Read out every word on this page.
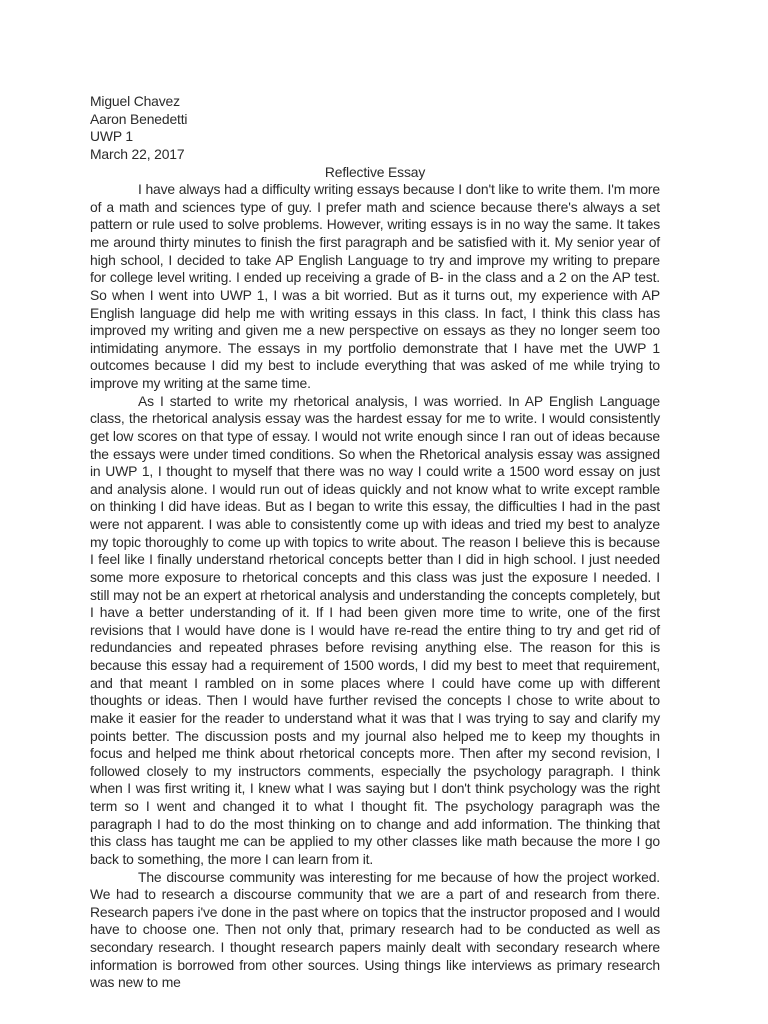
Miguel Chavez
Aaron Benedetti
UWP 1
March 22, 2017
Reflective Essay

I have always had a difficulty writing essays because I don't like to write them. I'm more of a math and sciences type of guy. I prefer math and science because there's always a set pattern or rule used to solve problems. However, writing essays is in no way the same. It takes me around thirty minutes to finish the first paragraph and be satisfied with it. My senior year of high school, I decided to take AP English Language to try and improve my writing to prepare for college level writing. I ended up receiving a grade of B- in the class and a 2 on the AP test. So when I went into UWP 1, I was a bit worried. But as it turns out, my experience with AP English language did help me with writing essays in this class. In fact, I think this class has improved my writing and given me a new perspective on essays as they no longer seem too intimidating anymore. The essays in my portfolio demonstrate that I have met the UWP 1 outcomes because I did my best to include everything that was asked of me while trying to improve my writing at the same time.

As I started to write my rhetorical analysis, I was worried. In AP English Language class, the rhetorical analysis essay was the hardest essay for me to write. I would consistently get low scores on that type of essay. I would not write enough since I ran out of ideas because the essays were under timed conditions. So when the Rhetorical analysis essay was assigned in UWP 1, I thought to myself that there was no way I could write a 1500 word essay on just and analysis alone. I would run out of ideas quickly and not know what to write except ramble on thinking I did have ideas. But as I began to write this essay, the difficulties I had in the past were not apparent. I was able to consistently come up with ideas and tried my best to analyze my topic thoroughly to come up with topics to write about. The reason I believe this is because I feel like I finally understand rhetorical concepts better than I did in high school. I just needed some more exposure to rhetorical concepts and this class was just the exposure I needed. I still may not be an expert at rhetorical analysis and understanding the concepts completely, but I have a better understanding of it. If I had been given more time to write, one of the first revisions that I would have done is I would have re-read the entire thing to try and get rid of redundancies and repeated phrases before revising anything else. The reason for this is because this essay had a requirement of 1500 words, I did my best to meet that requirement, and that meant I rambled on in some places where I could have come up with different thoughts or ideas. Then I would have further revised the concepts I chose to write about to make it easier for the reader to understand what it was that I was trying to say and clarify my points better. The discussion posts and my journal also helped me to keep my thoughts in focus and helped me think about rhetorical concepts more. Then after my second revision, I followed closely to my instructors comments, especially the psychology paragraph. I think when I was first writing it, I knew what I was saying but I don't think psychology was the right term so I went and changed it to what I thought fit. The psychology paragraph was the paragraph I had to do the most thinking on to change and add information. The thinking that this class has taught me can be applied to my other classes like math because the more I go back to something, the more I can learn from it.

The discourse community was interesting for me because of how the project worked. We had to research a discourse community that we are a part of and research from there. Research papers i've done in the past where on topics that the instructor proposed and I would have to choose one. Then not only that, primary research had to be conducted as well as secondary research. I thought research papers mainly dealt with secondary research where information is borrowed from other sources. Using things like interviews as primary research was new to me
